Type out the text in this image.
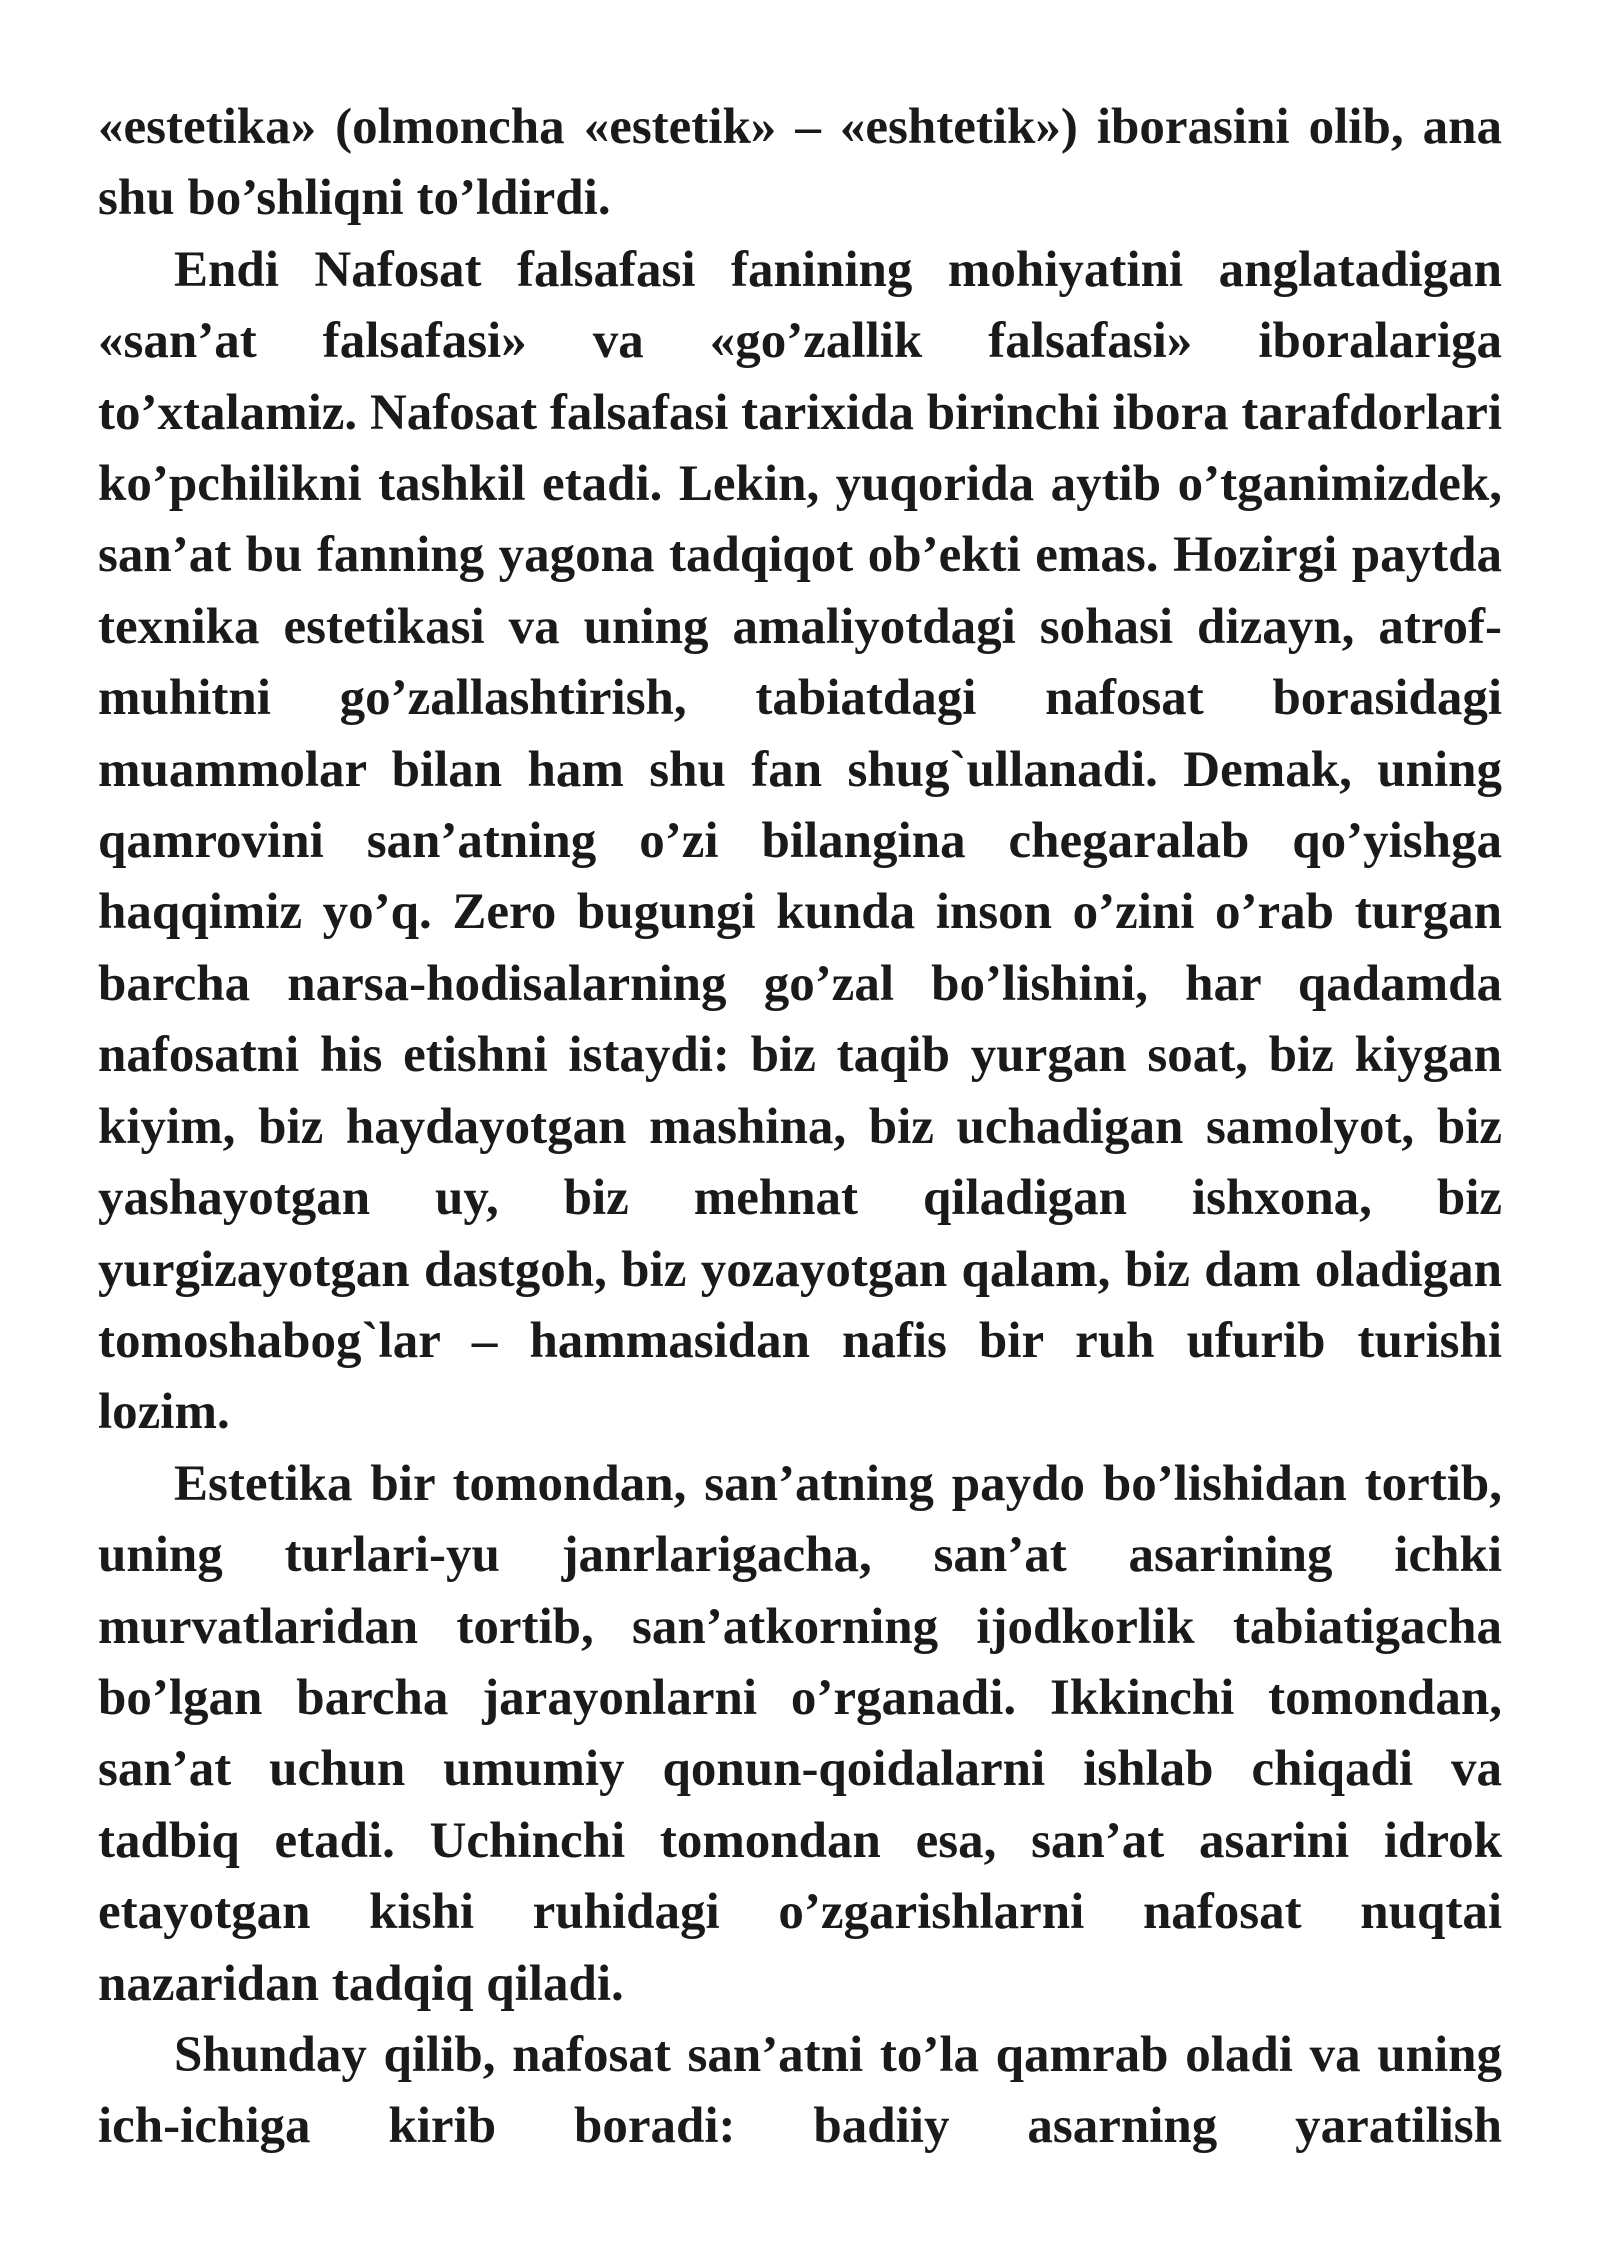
«estetika» (olmoncha «estetik» – «eshtetik») iborasini olib, ana shu bo’shliqni to’ldirdi.

Endi Nafosat falsafasi fanining mohiyatini anglatadigan «san’at falsafasi» va «go’zallik falsafasi» iboralariga to’xtalamiz. Nafosat falsafasi tarixida birinchi ibora tarafdorlari ko’pchilikni tashkil etadi. Lekin, yuqorida aytib o’tganimizdek, san’at bu fanning yagona tadqiqot ob’ekti emas. Hozirgi paytda texnika estetikasi va uning amaliyotdagi sohasi dizayn, atrof-muhitni go’zallashtirish, tabiatdagi nafosat borasidagi muammolar bilan ham shu fan shug`ullanadi. Demak, uning qamrovini san’atning o’zi bilangina chegaralab qo’yishga haqqimiz yo’q. Zero bugungi kunda inson o’zini o’rab turgan barcha narsa-hodisalarning go’zal bo’lishini, har qadamda nafosatni his etishni istaydi: biz taqib yurgan soat, biz kiygan kiyim, biz haydayotgan mashina, biz uchadigan samolyot, biz yashayotgan uy, biz mehnat qiladigan ishxona, biz yurgizayotgan dastgoh, biz yozayotgan qalam, biz dam oladigan tomoshabog`lar – hammasidan nafis bir ruh ufurib turishi lozim.

Estetika bir tomondan, san’atning paydo bo’lishidan tortib, uning turlari-yu janrlarigacha, san’at asarining ichki murvatlaridan tortib, san’atkorning ijodkorlik tabiatigacha bo’lgan barcha jarayonlarni o’rganadi. Ikkinchi tomondan, san’at uchun umumiy qonun-qoidalarni ishlab chiqadi va tadbiq etadi. Uchinchi tomondan esa, san’at asarini idrok etayotgan kishi ruhidagi o’zgarishlarni nafosat nuqtai nazaridan tadqiq qiladi.

Shunday qilib, nafosat san’atni to’la qamrab oladi va uning ich-ichiga kirib boradi: badiiy asarning yaratilish
